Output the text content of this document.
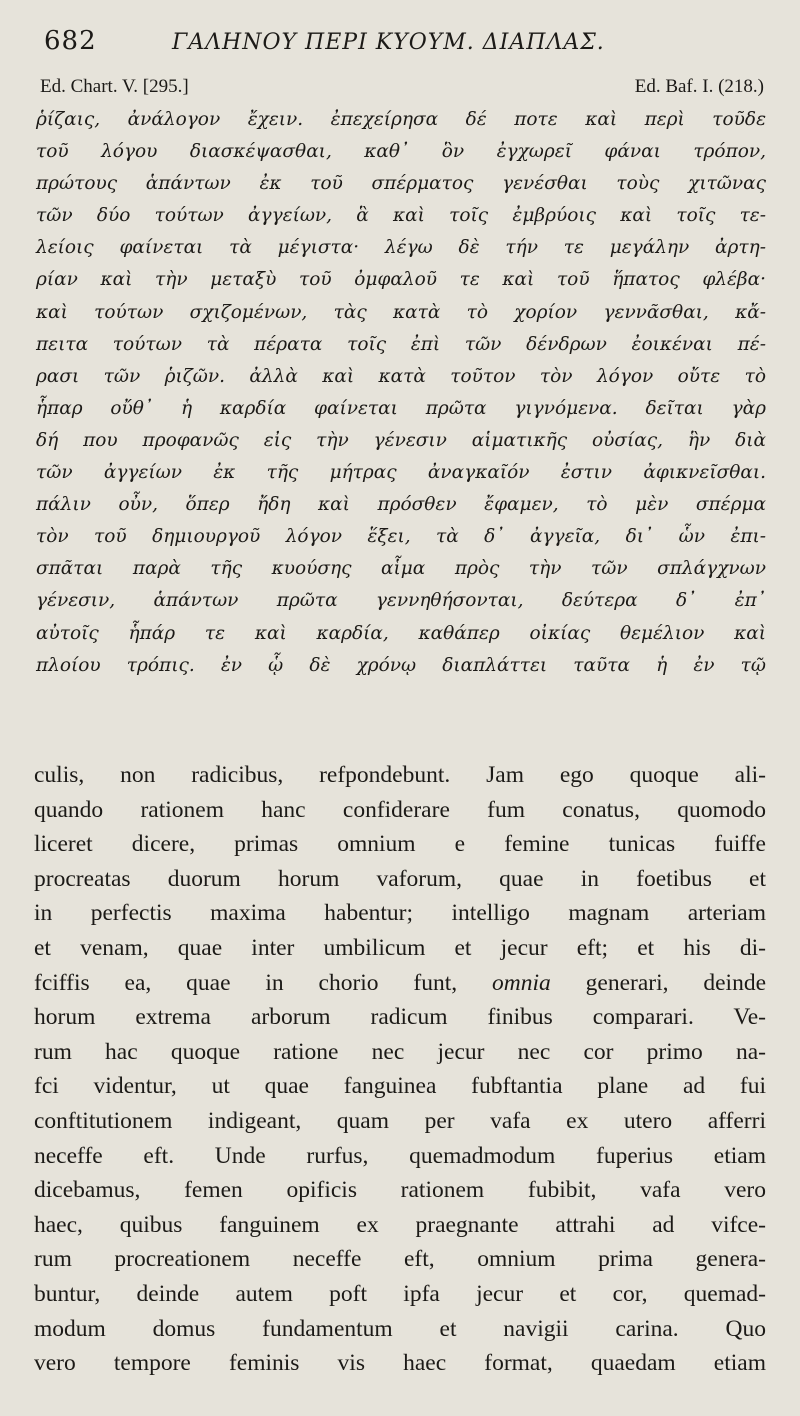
682	ΓΑΛΗΝΟΥ ΠΕΡΙ ΚΥΟΥΜ. ΔΙΑΠΛΑΣ.
Ed. Chart. V. [295.]	Ed. Baf. I. (218.)
ῥίζαις, ἀνάλογον ἔχειν. ἐπεχείρησα δέ ποτε καὶ περὶ τοῦδε
τοῦ λόγου διασκέψασθαι, καθ᾽ ὃν ἐγχωρεῖ φάναι τρόπον,
πρώτους ἁπάντων ἐκ τοῦ σπέρματος γενέσθαι τοὺς χιτῶνας
τῶν δύο τούτων ἀγγείων, ἃ καὶ τοῖς ἐμβρύοις καὶ τοῖς τε-
λείοις φαίνεται τὰ μέγιστα· λέγω δὲ τήν τε μεγάλην ἀρτη-
ρίαν καὶ τὴν μεταξὺ τοῦ ὀμφαλοῦ τε καὶ τοῦ ἥπατος φλέβα·
καὶ τούτων σχιζομένων, τὰς κατὰ τὸ χορίον γεννᾶσθαι, κἄ-
πειτα τούτων τὰ πέρατα τοῖς ἐπὶ τῶν δένδρων ἐοικέναι πέ-
ρασι τῶν ῥιζῶν. ἀλλὰ καὶ κατὰ τοῦτον τὸν λόγον οὔτε τὸ
ἧπαρ οὔθ᾽ ἡ καρδία φαίνεται πρῶτα γιγνόμενα. δεῖται γὰρ
δή που προφανῶς εἰς τὴν γένεσιν αἱματικῆς οὐσίας, ἣν διὰ
τῶν ἀγγείων ἐκ τῆς μήτρας ἀναγκαῖόν ἐστιν ἀφικνεῖσθαι.
πάλιν οὖν, ὅπερ ἤδη καὶ πρόσθεν ἔφαμεν, τὸ μὲν σπέρμα
τὸν τοῦ δημιουργοῦ λόγον ἕξει, τὰ δ᾽ ἀγγεῖα, δι᾽ ὧν ἐπι-
σπᾶται παρὰ τῆς κυούσης αἷμα πρὸς τὴν τῶν σπλάγχνων
γένεσιν, ἁπάντων πρῶτα γεννηθήσονται, δεύτερα δ᾽ ἐπ᾽
αὐτοῖς ἧπάρ τε καὶ καρδία, καθάπερ οἰκίας θεμέλιον καὶ
πλοίου τρόπις. ἐν ᾧ δὲ χρόνῳ διαπλάττει ταῦτα ἡ ἐν τῷ
culis, non radicibus, refpondebunt. Jam ego quoque ali-
quando rationem hanc confiderare fum conatus, quomodo
liceret dicere, primas omnium e femine tunicas fuiffe
procreatas duorum horum vaforum, quae in foetibus et
in perfectis maxima habentur; intelligo magnam arteriam
et venam, quae inter umbilicum et jecur eft; et his di-
fciffis ea, quae in chorio funt, omnia generari, deinde
horum extrema arborum radicum finibus comparari. Ve-
rum hac quoque ratione nec jecur nec cor primo na-
fci videntur, ut quae fanguinea fubftantia plane ad fui
conftitutionem indigeant, quam per vafa ex utero afferri
neceffe eft. Unde rurfus, quemadmodum fuperius etiam
dicebamus, femen opificis rationem fubibit, vafa vero
haec, quibus fanguinem ex praegnante attrahi ad vifce-
rum procreationem neceffe eft, omnium prima genera-
buntur, deinde autem poft ipfa jecur et cor, quemad-
modum domus fundamentum et navigii carina. Quo
vero tempore feminis vis haec format, quaedam etiam
